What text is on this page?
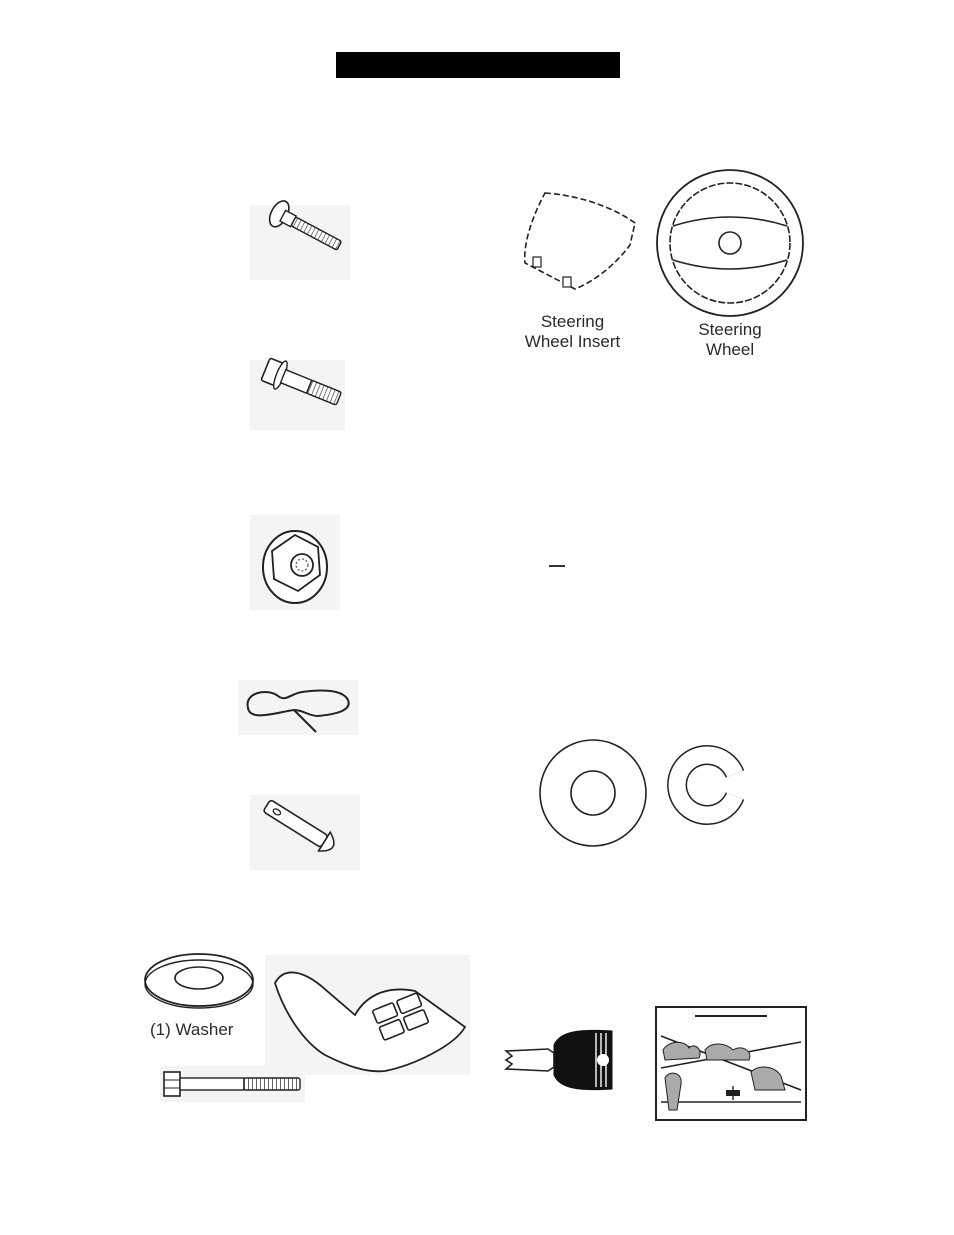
Steering
Wheel Insert
Steering
Wheel
(1) Washer
